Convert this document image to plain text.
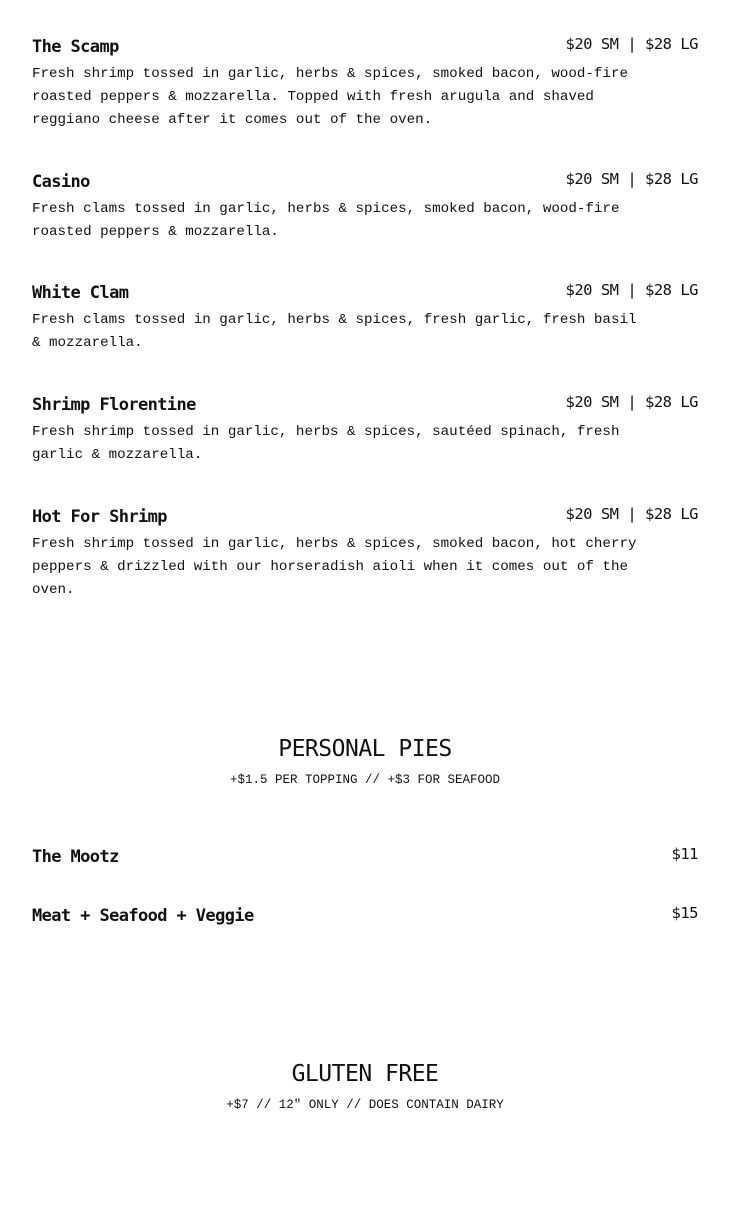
The Scamp	$20 SM | $28 LG

Fresh shrimp tossed in garlic, herbs & spices, smoked bacon, wood-fire
roasted peppers & mozzarella. Topped with fresh arugula and shaved
reggiano cheese after it comes out of the oven.

Casino	$20 SM | $28 LG

Fresh clams tossed in garlic, herbs & spices, smoked bacon, wood-fire
roasted peppers & mozzarella.

White Clam	$20 SM | $28 LG

Fresh clams tossed in garlic, herbs & spices, fresh garlic, fresh basil
& mozzarella.

Shrimp Florentine	$20 SM | $28 LG

Fresh shrimp tossed in garlic, herbs & spices, sautéed spinach, fresh
garlic & mozzarella.

Hot For Shrimp	$20 SM | $28 LG

Fresh shrimp tossed in garlic, herbs & spices, smoked bacon, hot cherry
peppers & drizzled with our horseradish aioli when it comes out of the
oven.

PERSONAL PIES
+$1.5 PER TOPPING // +$3 FOR SEAFOOD
The Mootz	$11
Meat + Seafood + Veggie	$15
GLUTEN FREE
+$7 // 12" ONLY // DOES CONTAIN DAIRY
